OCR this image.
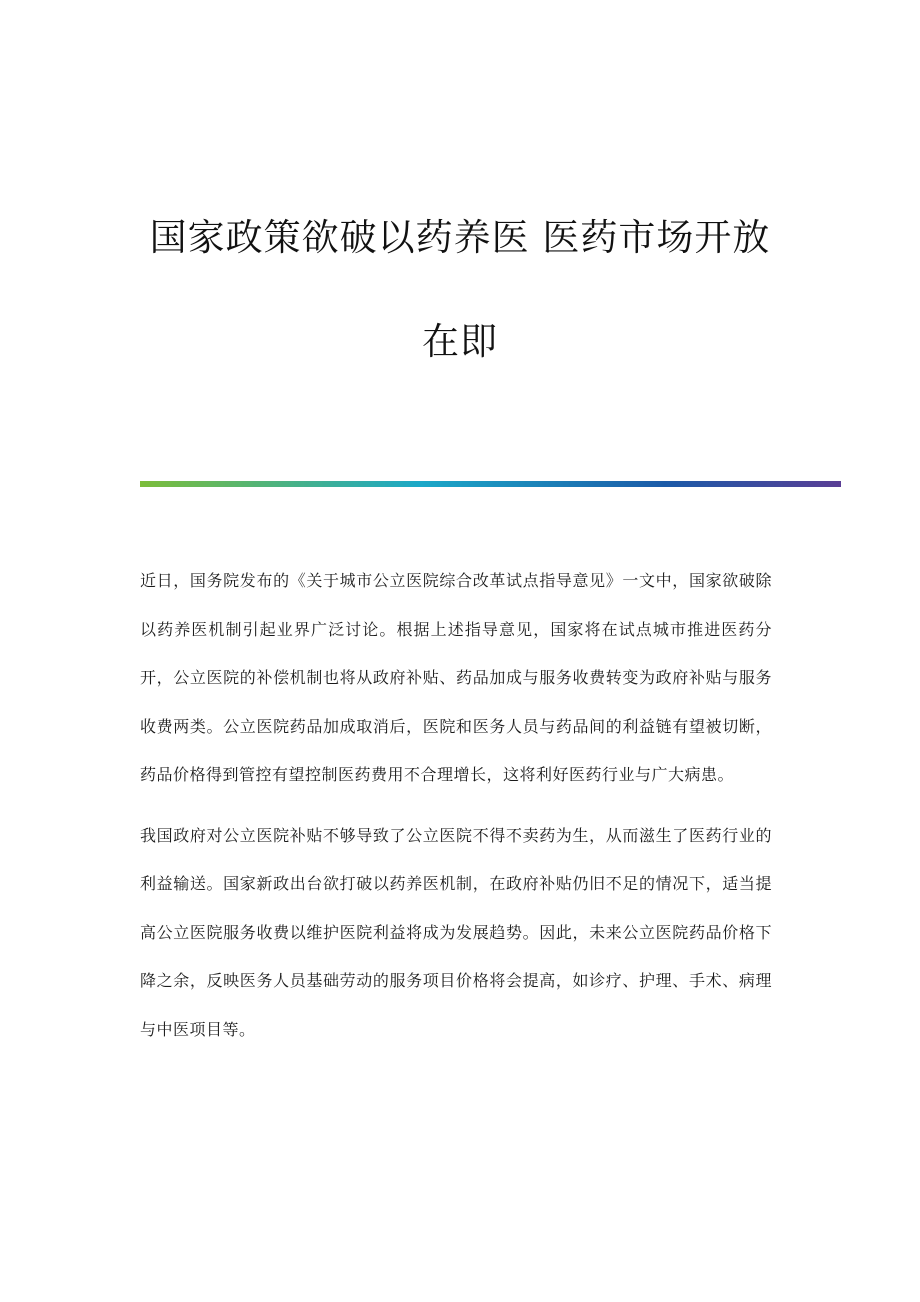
国家政策欲破以药养医 医药市场开放
在即

近日，国务院发布的《关于城市公立医院综合改革试点指导意见》一文中，国家欲破除以药养医机制引起业界广泛讨论。根据上述指导意见，国家将在试点城市推进医药分开，公立医院的补偿机制也将从政府补贴、药品加成与服务收费转变为政府补贴与服务收费两类。公立医院药品加成取消后，医院和医务人员与药品间的利益链有望被切断，药品价格得到管控有望控制医药费用不合理增长，这将利好医药行业与广大病患。

我国政府对公立医院补贴不够导致了公立医院不得不卖药为生，从而滋生了医药行业的利益输送。国家新政出台欲打破以药养医机制，在政府补贴仍旧不足的情况下，适当提高公立医院服务收费以维护医院利益将成为发展趋势。因此，未来公立医院药品价格下降之余，反映医务人员基础劳动的服务项目价格将会提高，如诊疗、护理、手术、病理与中医项目等。
